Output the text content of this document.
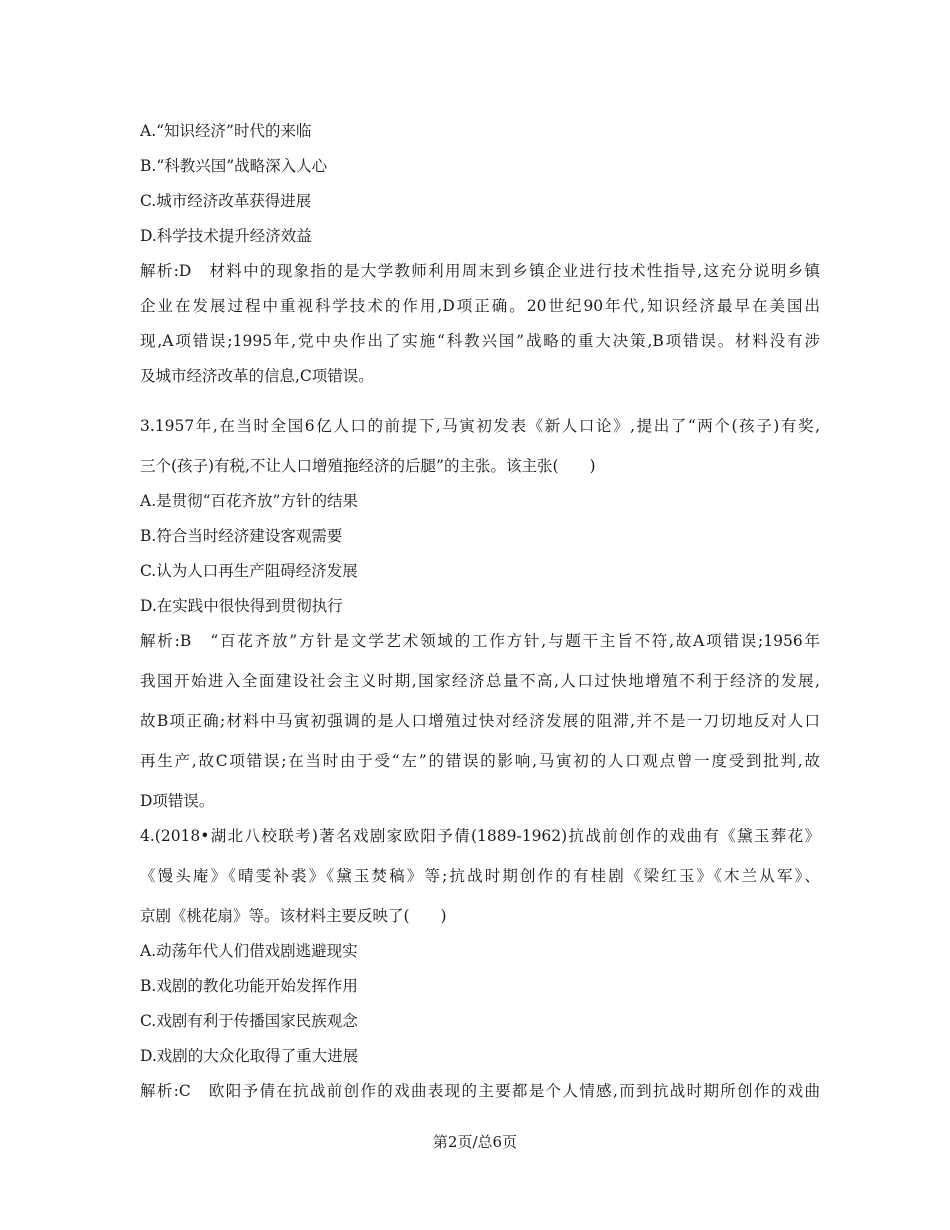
A.“知识经济”时代的来临
B.“科教兴国”战略深入人心
C.城市经济改革获得进展
D.科学技术提升经济效益
解析:D　材料中的现象指的是大学教师利用周末到乡镇企业进行技术性指导,这充分说明乡镇
企业在发展过程中重视科学技术的作用,D项正确。20世纪90年代,知识经济最早在美国出
现,A项错误;1995年,党中央作出了实施“科教兴国”战略的重大决策,B项错误。材料没有涉
及城市经济改革的信息,C项错误。
3.1957年,在当时全国6亿人口的前提下,马寅初发表《新人口论》,提出了“两个(孩子)有奖,
三个(孩子)有税,不让人口增殖拖经济的后腿”的主张。该主张(　　)
A.是贯彻“百花齐放”方针的结果
B.符合当时经济建设客观需要
C.认为人口再生产阻碍经济发展
D.在实践中很快得到贯彻执行
解析:B　“百花齐放”方针是文学艺术领域的工作方针,与题干主旨不符,故A项错误;1956年
我国开始进入全面建设社会主义时期,国家经济总量不高,人口过快地增殖不利于经济的发展,
故B项正确;材料中马寅初强调的是人口增殖过快对经济发展的阻滞,并不是一刀切地反对人口
再生产,故C项错误;在当时由于受“左”的错误的影响,马寅初的人口观点曾一度受到批判,故
D项错误。
4.(2018•湖北八校联考)著名戏剧家欧阳予倩(1889-1962)抗战前创作的戏曲有《黛玉葬花》
《馒头庵》《晴雯补裘》《黛玉焚稿》等;抗战时期创作的有桂剧《梁红玉》《木兰从军》、
京剧《桃花扇》等。该材料主要反映了(　　)
A.动荡年代人们借戏剧逃避现实
B.戏剧的教化功能开始发挥作用
C.戏剧有利于传播国家民族观念
D.戏剧的大众化取得了重大进展
解析:C　欧阳予倩在抗战前创作的戏曲表现的主要都是个人情感,而到抗战时期所创作的戏曲
第2页/总6页
